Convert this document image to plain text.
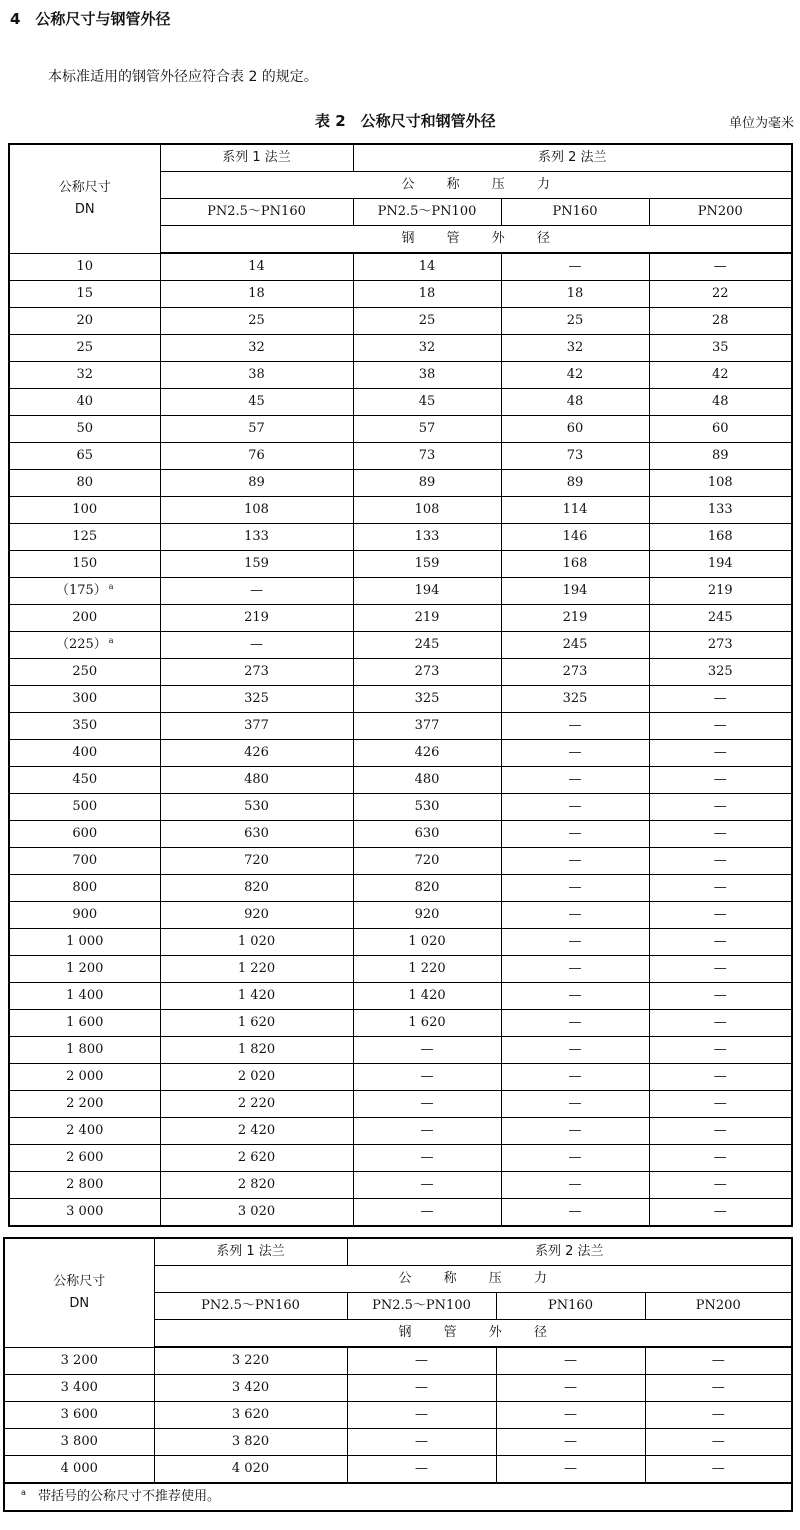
4　公称尺寸与钢管外径
本标准适用的钢管外径应符合表 2 的规定。
表 2　公称尺寸和钢管外径	单位为毫米
公称尺寸
DN	系列 1 法兰	系列 2 法兰		
	公 称 压 力			
	PN2.5～PN160	PN2.5～PN100	PN160	PN200
	钢 管 外 径			
10	14	14	—	—
15	18	18	18	22
20	25	25	25	28
25	32	32	32	35
32	38	38	42	42
40	45	45	48	48
50	57	57	60	60
65	76	73	73	89
80	89	89	89	108
100	108	108	114	133
125	133	133	146	168
150	159	159	168	194
（175） $^a$	—	194	194	219
200	219	219	219	245
（225） $^a$	—	245	245	273
250	273	273	273	325
300	325	325	325	—
350	377	377	—	—
400	426	426	—	—
450	480	480	—	—
500	530	530	—	—
600	630	630	—	—
700	720	720	—	—
800	820	820	—	—
900	920	920	—	—
1 000	1 020	1 020	—	—
1 200	1 220	1 220	—	—
1 400	1 420	1 420	—	—
1 600	1 620	1 620	—	—
1 800	1 820	—	—	—
2 000	2 020	—	—	—
2 200	2 220	—	—	—
2 400	2 420	—	—	—
2 600	2 620	—	—	—
2 800	2 820	—	—	—
3 000	3 020	—	—	—
公称尺寸
DN	系列 1 法兰	系列 2 法兰		
	公 称 压 力			
	PN2.5～PN160	PN2.5～PN100	PN160	PN200
	钢 管 外 径			
3 200	3 220	—	—	—
3 400	3 420	—	—	—
3 600	3 620	—	—	—
3 800	3 820	—	—	—
4 000	4 020	—	—	—
$^a$ 带括号的公称尺寸不推荐使用。				
